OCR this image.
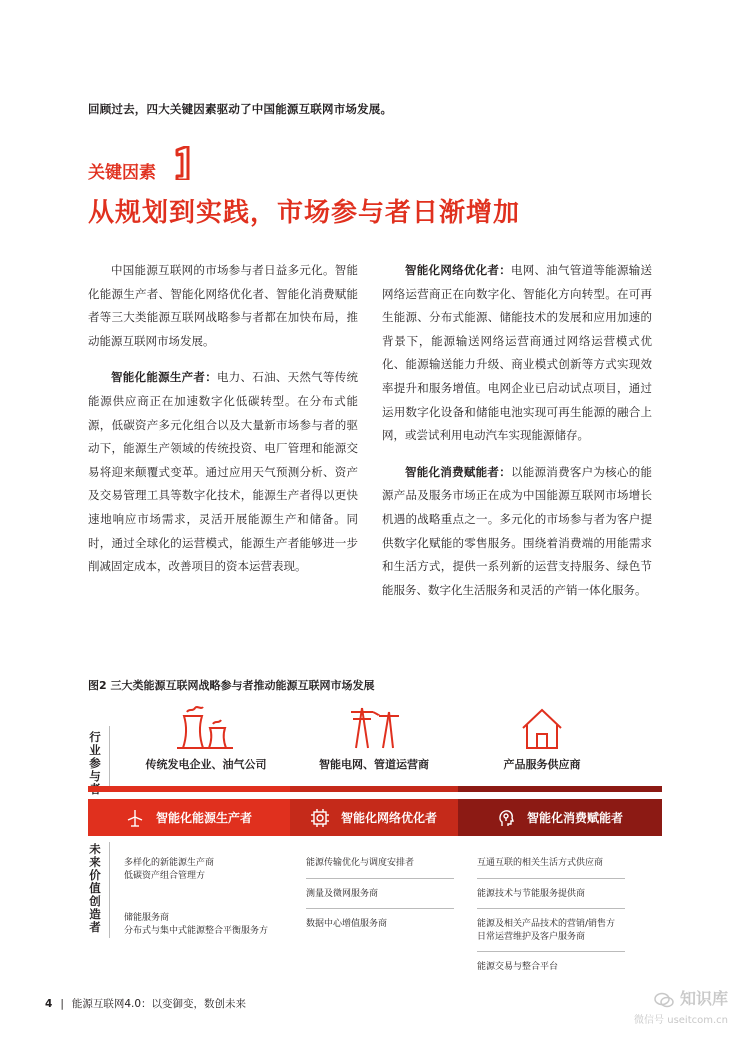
回顾过去，四大关键因素驱动了中国能源互联网市场发展。
关键因素
从规划到实践，市场参与者日渐增加

中国能源互联网的市场参与者日益多元化。智能化能源生产者、智能化网络优化者、智能化消费赋能者等三大类能源互联网战略参与者都在加快布局，推动能源互联网市场发展。

智能化能源生产者：电力、石油、天然气等传统能源供应商正在加速数字化低碳转型。在分布式能源，低碳资产多元化组合以及大量新市场参与者的驱动下，能源生产领域的传统投资、电厂管理和能源交易将迎来颠覆式变革。通过应用天气预测分析、资产及交易管理工具等数字化技术，能源生产者得以更快速地响应市场需求，灵活开展能源生产和储备。同时，通过全球化的运营模式，能源生产者能够进一步削减固定成本，改善项目的资本运营表现。

智能化网络优化者：电网、油气管道等能源输送网络运营商正在向数字化、智能化方向转型。在可再生能源、分布式能源、储能技术的发展和应用加速的背景下，能源输送网络运营商通过网络运营模式优化、能源输送能力升级、商业模式创新等方式实现效率提升和服务增值。电网企业已启动试点项目，通过运用数字化设备和储能电池实现可再生能源的融合上网，或尝试利用电动汽车实现能源储存。

智能化消费赋能者：以能源消费客户为核心的能源产品及服务市场正在成为中国能源互联网市场增长机遇的战略重点之一。多元化的市场参与者为客户提供数字化赋能的零售服务。围绕着消费端的用能需求和生活方式，提供一系列新的运营支持服务、绿色节能服务、数字化生活服务和灵活的产销一体化服务。

图2 三大类能源互联网战略参与者推动能源互联网市场发展
行业参与
未来价值创造者
传统发电企业、油气公司	智能电网、管道运营商	产品服务供应商
智能化能源生产者	智能化网络优化者	智能化消费赋能者
多样化的新能源生产商
低碳资产组合管理方
储能服务商
分布式与集中式能源整合平衡服务方
能源传输优化与调度安排者
测量及微网服务商
数据中心增值服务商
互通互联的相关生活方式供应商
能源技术与节能服务提供商
能源及相关产品技术的营销/销售方
日常运营维护及客户服务商
能源交易与整合平台
4 | 能源互联网4.0：以变御变，数创未来	知识库
微信号 useitcom.cn
